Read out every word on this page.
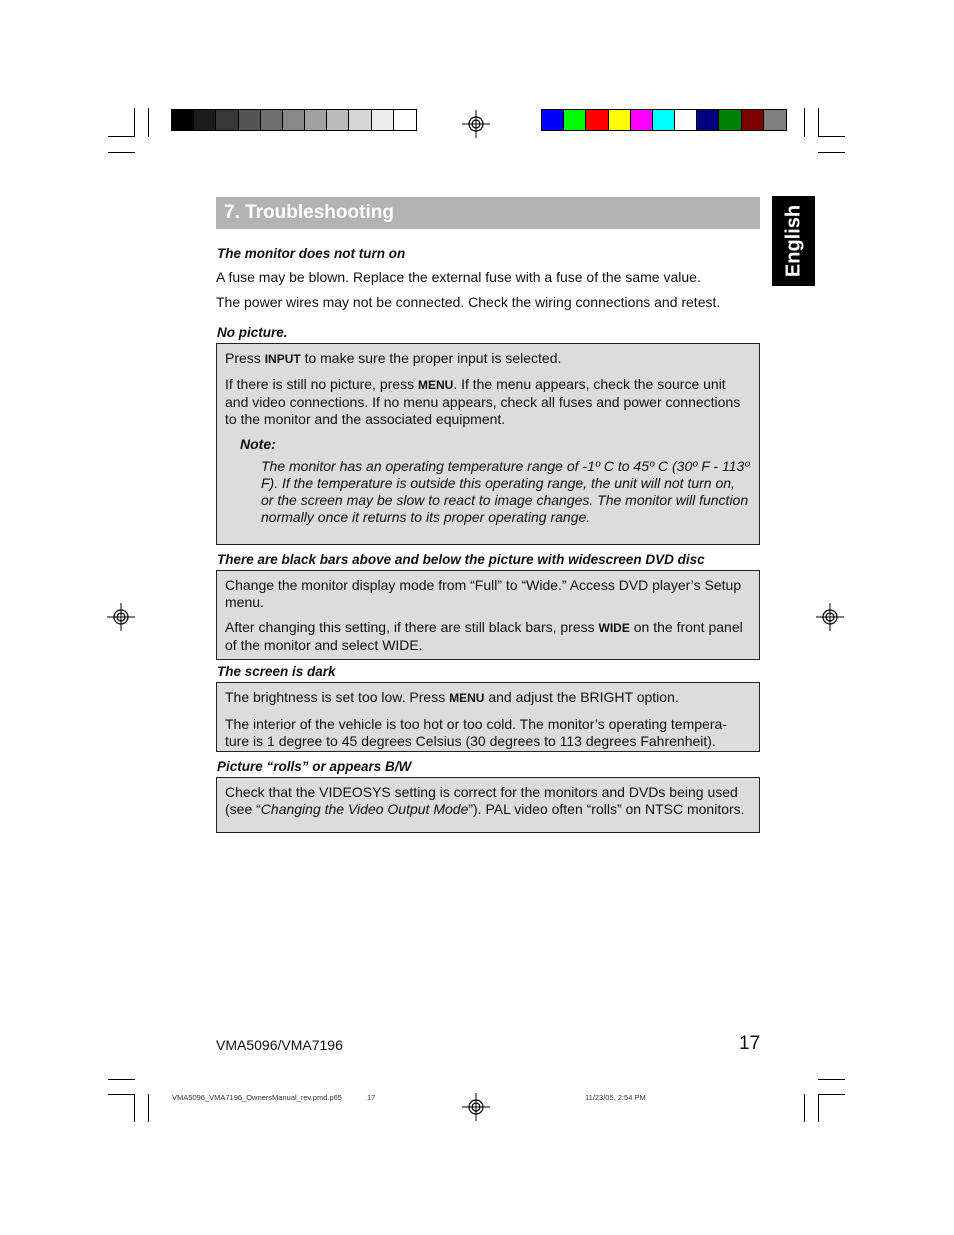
7. Troubleshooting	English
The monitor does not turn on
A fuse may be blown. Replace the external fuse with a fuse of the same value.
The power wires may not be connected. Check the wiring connections and retest.
No picture.

Press INPUT to make sure the proper input is selected.

If there is still no picture, press MENU. If the menu appears, check the source unit and video connections. If no menu appears, check all fuses and power connections to the monitor and the associated equipment.

Note:
The monitor has an operating temperature range of -1º C to 45º C (30º F - 113º F). If the temperature is outside this operating range, the unit will not turn on, or the screen may be slow to react to image changes. The monitor will function normally once it returns to its proper operating range.
There are black bars above and below the picture with widescreen DVD disc

Change the monitor display mode from “Full” to “Wide.” Access DVD player’s Setup menu.

After changing this setting, if there are still black bars, press WIDE on the front panel of the monitor and select WIDE.

The screen is dark

The brightness is set too low. Press MENU and adjust the BRIGHT option.

The interior of the vehicle is too hot or too cold. The monitor’s operating tempera-ture is 1 degree to 45 degrees Celsius (30 degrees to 113 degrees Fahrenheit).

Picture “rolls” or appears B/W

Check that the VIDEOSYS setting is correct for the monitors and DVDs being used (see “Changing the Video Output Mode”). PAL video often “rolls” on NTSC monitors.

VMA5096/VMA7196	17
VMA5096_VMA7196_OwnersManual_rev.pmd.p65	17	11/23/05, 2:54 PM
